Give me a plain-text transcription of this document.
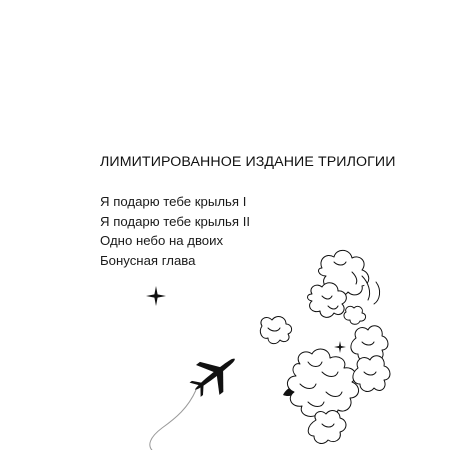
ЛИМИТИРОВАННОЕ ИЗДАНИЕ ТРИЛОГИИ
Я подарю тебе крылья I
Я подарю тебе крылья II
Одно небо на двоих
Бонусная глава
